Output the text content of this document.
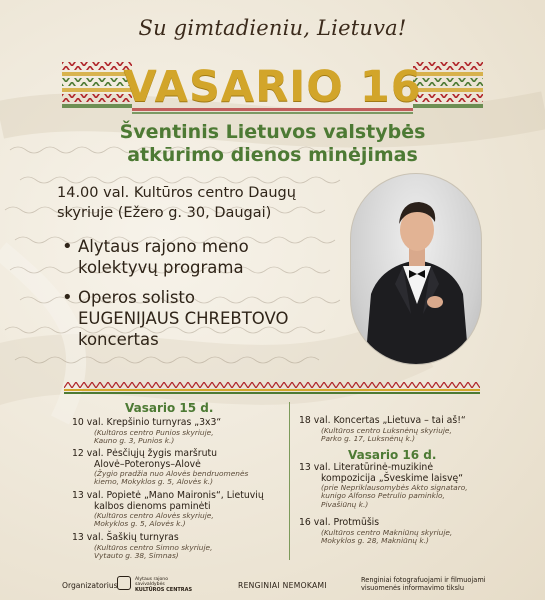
Su gimtadieniu, Lietuva!
VASARIO 16
Šventinis Lietuvos valstybės
atkūrimo dienos minėjimas
14.00 val. Kultūros centro Daugų
skyriuje (Ežero g. 30, Daugai)
• Alytaus rajono meno
kolektyvų programa
• Operos solisto
EUGENIJAUS CHREBTOVO
koncertas
Vasario 15 d.
10 val. Krepšinio turnyras „3x3“
(Kultūros centro Punios skyriuje,
Kauno g. 3, Punios k.)
12 val. Pėsčiųjų žygis maršrutu
Alovė–Poteronys–Alovė
(Žygio pradžia nuo Alovės bendruomenės
kiemo, Mokyklos g. 5, Alovės k.)
13 val. Popietė „Mano Maironis“, Lietuvių
kalbos dienoms paminėti
(Kultūros centro Alovės skyriuje,
Mokyklos g. 5, Alovės k.)
13 val. Šaškių turnyras
(Kultūros centro Simno skyriuje,
Vytauto g. 38, Simnas)
18 val. Koncertas „Lietuva – tai aš!“
(Kultūros centro Luksnėnų skyriuje,
Parko g. 17, Luksnėnų k.)
Vasario 16 d.
13 val. Literatūrinė-muzikinė
kompozicija „Šveskime laisvę“
(prie Nepriklausomybės Akto signataro,
kunigo Alfonso Petrulio paminklo,
Pivašiūnų k.)
16 val. Protmūšis
(Kultūros centro Makniūnų skyriuje,
Mokyklos g. 28, Makniūnų k.)
Organizatorius
Alytaus rajono savivaldybės
KULTŪROS CENTRAS	RENGINIAI NEMOKAMI
Renginiai fotografuojami ir filmuojami
visuomenės informavimo tikslu
